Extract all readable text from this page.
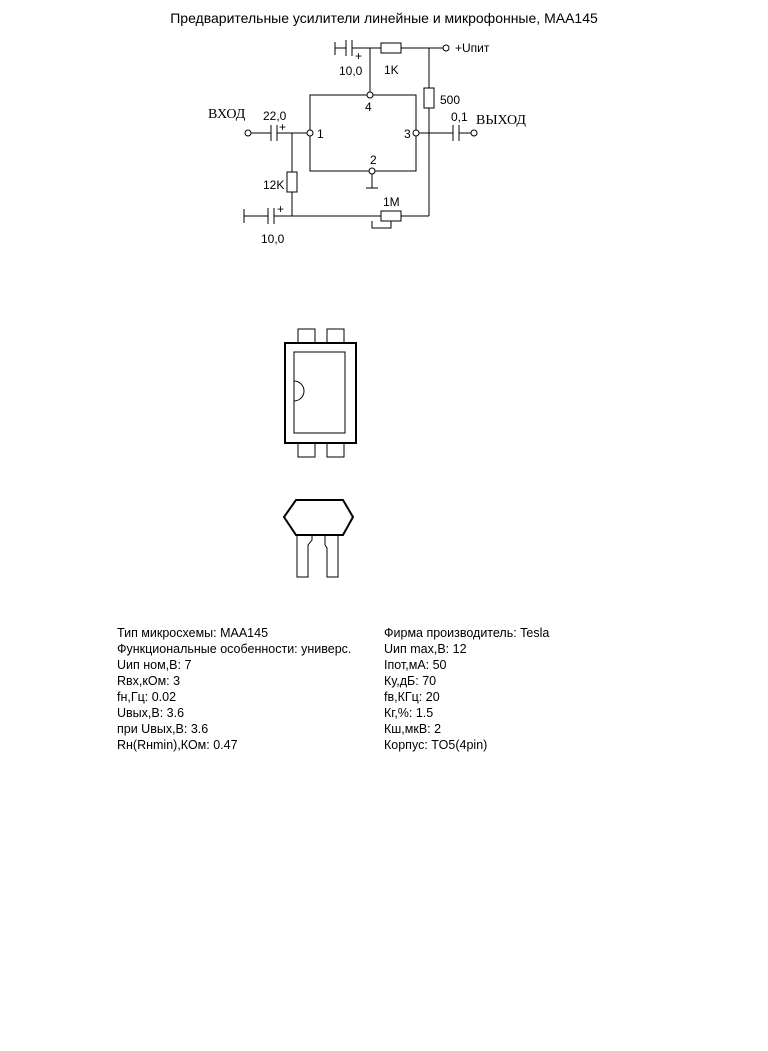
Предварительные усилители линейные и микрофонные, MAA145
+
10,0 1K
+Uпит
500
0,1 ВЫХОД
ВХОД 22,0
+	1	3
4
2
12K
1M
+
10,0
Тип микросхемы: MAA145
Функциональные особенности: универс.
Uип ном,В: 7
Rвх,кОм: 3
fн,Гц: 0.02
Uвых,В: 3.6
при Uвых,В: 3.6
Rн(Rнmin),КОм: 0.47
Фирма производитель: Tesla
Uип max,В: 12
Iпот,мА: 50
Ку,дБ: 70
fв,КГц: 20
Кг,%: 1.5
Кш,мкВ: 2
Корпус: TO5(4pin)
